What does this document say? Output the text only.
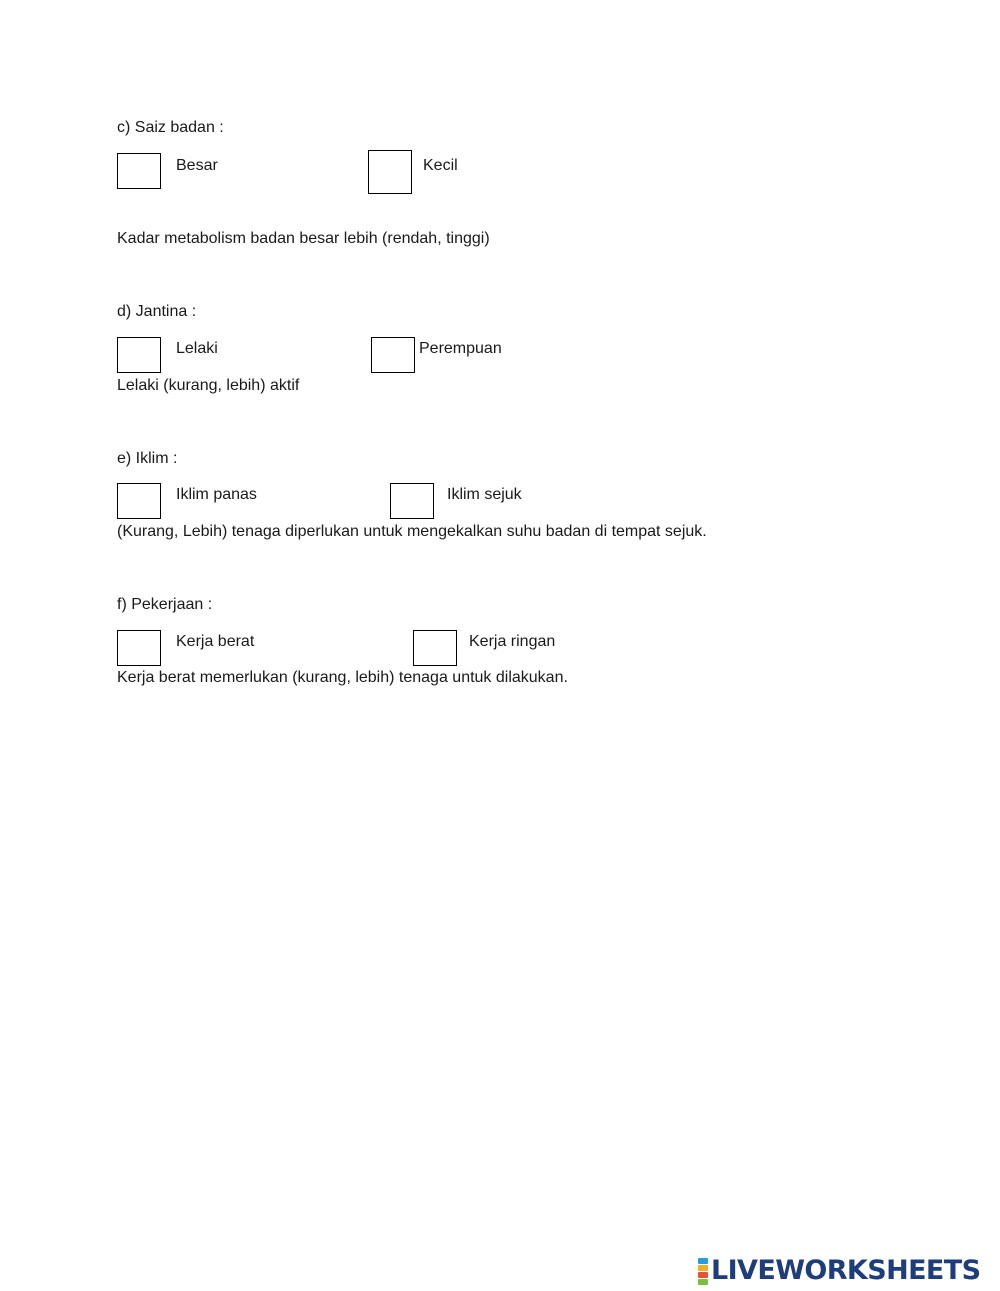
c) Saiz badan :
Besar	Kecil
Kadar metabolism badan besar lebih (rendah, tinggi)
d) Jantina :
Lelaki	Perempuan
Lelaki (kurang, lebih) aktif
e) Iklim :
Iklim panas	Iklim sejuk
(Kurang, Lebih) tenaga diperlukan untuk mengekalkan suhu badan di tempat sejuk.
f) Pekerjaan :
Kerja berat	Kerja ringan
Kerja berat memerlukan (kurang, lebih) tenaga untuk dilakukan.
LIVEWORKSHEETS
